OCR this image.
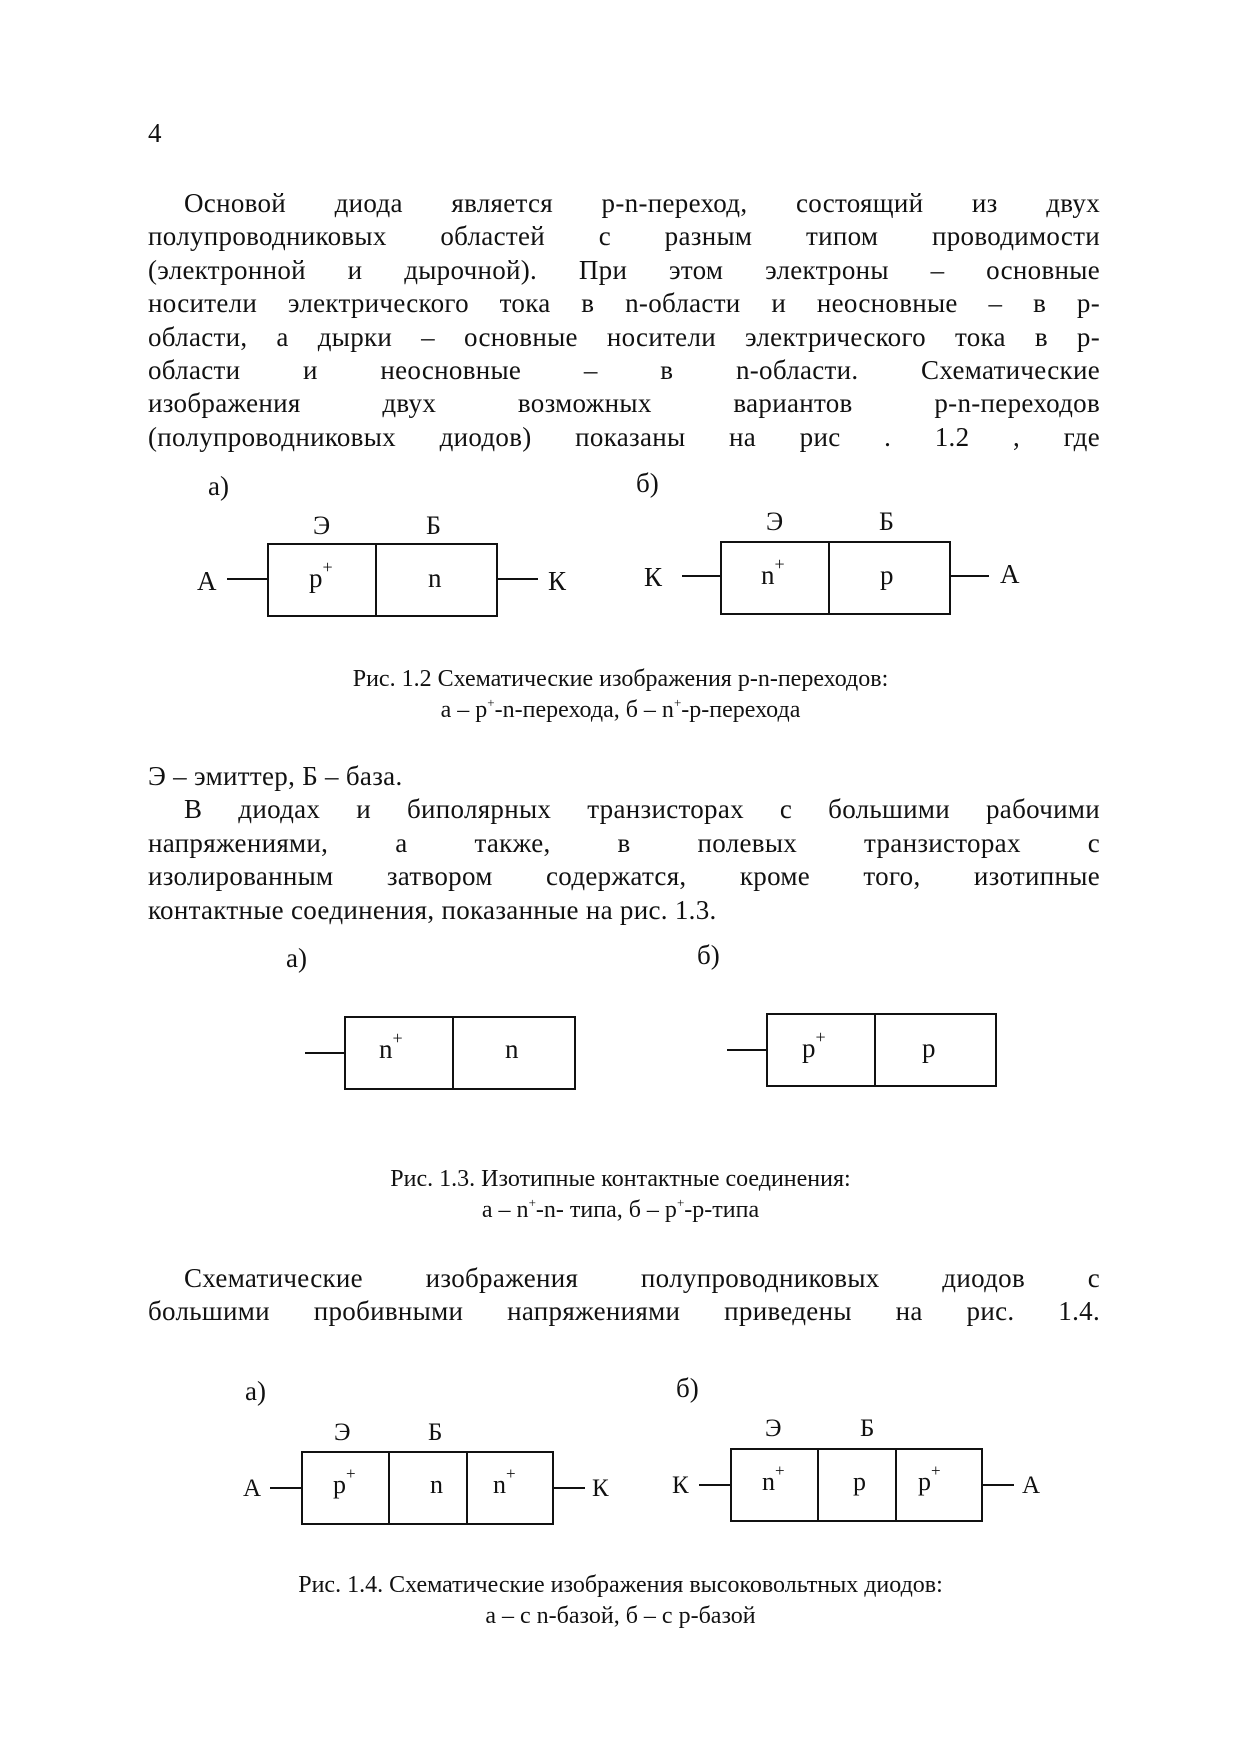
4
Основой диода является p-n-переход, состоящий из двух
полупроводниковых областей с разным типом проводимости
(электронной и дырочной). При этом электроны – основные
носители электрического тока в n-области и неосновные – в p-
области, а дырки – основные носители электрического тока в p-
области и неосновные – в n-области. Схематические
изображения двух возможных вариантов p-n-переходов
(полупроводниковых диодов) показаны на рис . 1.2 , где
а)
Э	Б
A	К
p+	n
б)
Э	Б
К	A
n+	p
а)
n+	n
б)
p+	p
а)
Э	Б
A	К
p+	n n+
б)
Э	Б
К	A
n+	p p+
Рис. 1.2 Схематические изображения p-n-переходов:
а – p+-n-перехода, б – n+-p-перехода
Э – эмиттер, Б – база.
В диодах и биполярных транзисторах с большими рабочими
напряжениями, а также, в полевых транзисторах с
изолированным затвором содержатся, кроме того, изотипные
контактные соединения, показанные на рис. 1.3.
Рис. 1.3. Изотипные контактные соединения:
а – n+-n- типа, б – p+-p-типа
Схематические изображения полупроводниковых диодов с
большими пробивными напряжениями приведены на рис. 1.4.
Рис. 1.4. Схематические изображения высоковольтных диодов:
а – с n-базой, б – с p-базой
